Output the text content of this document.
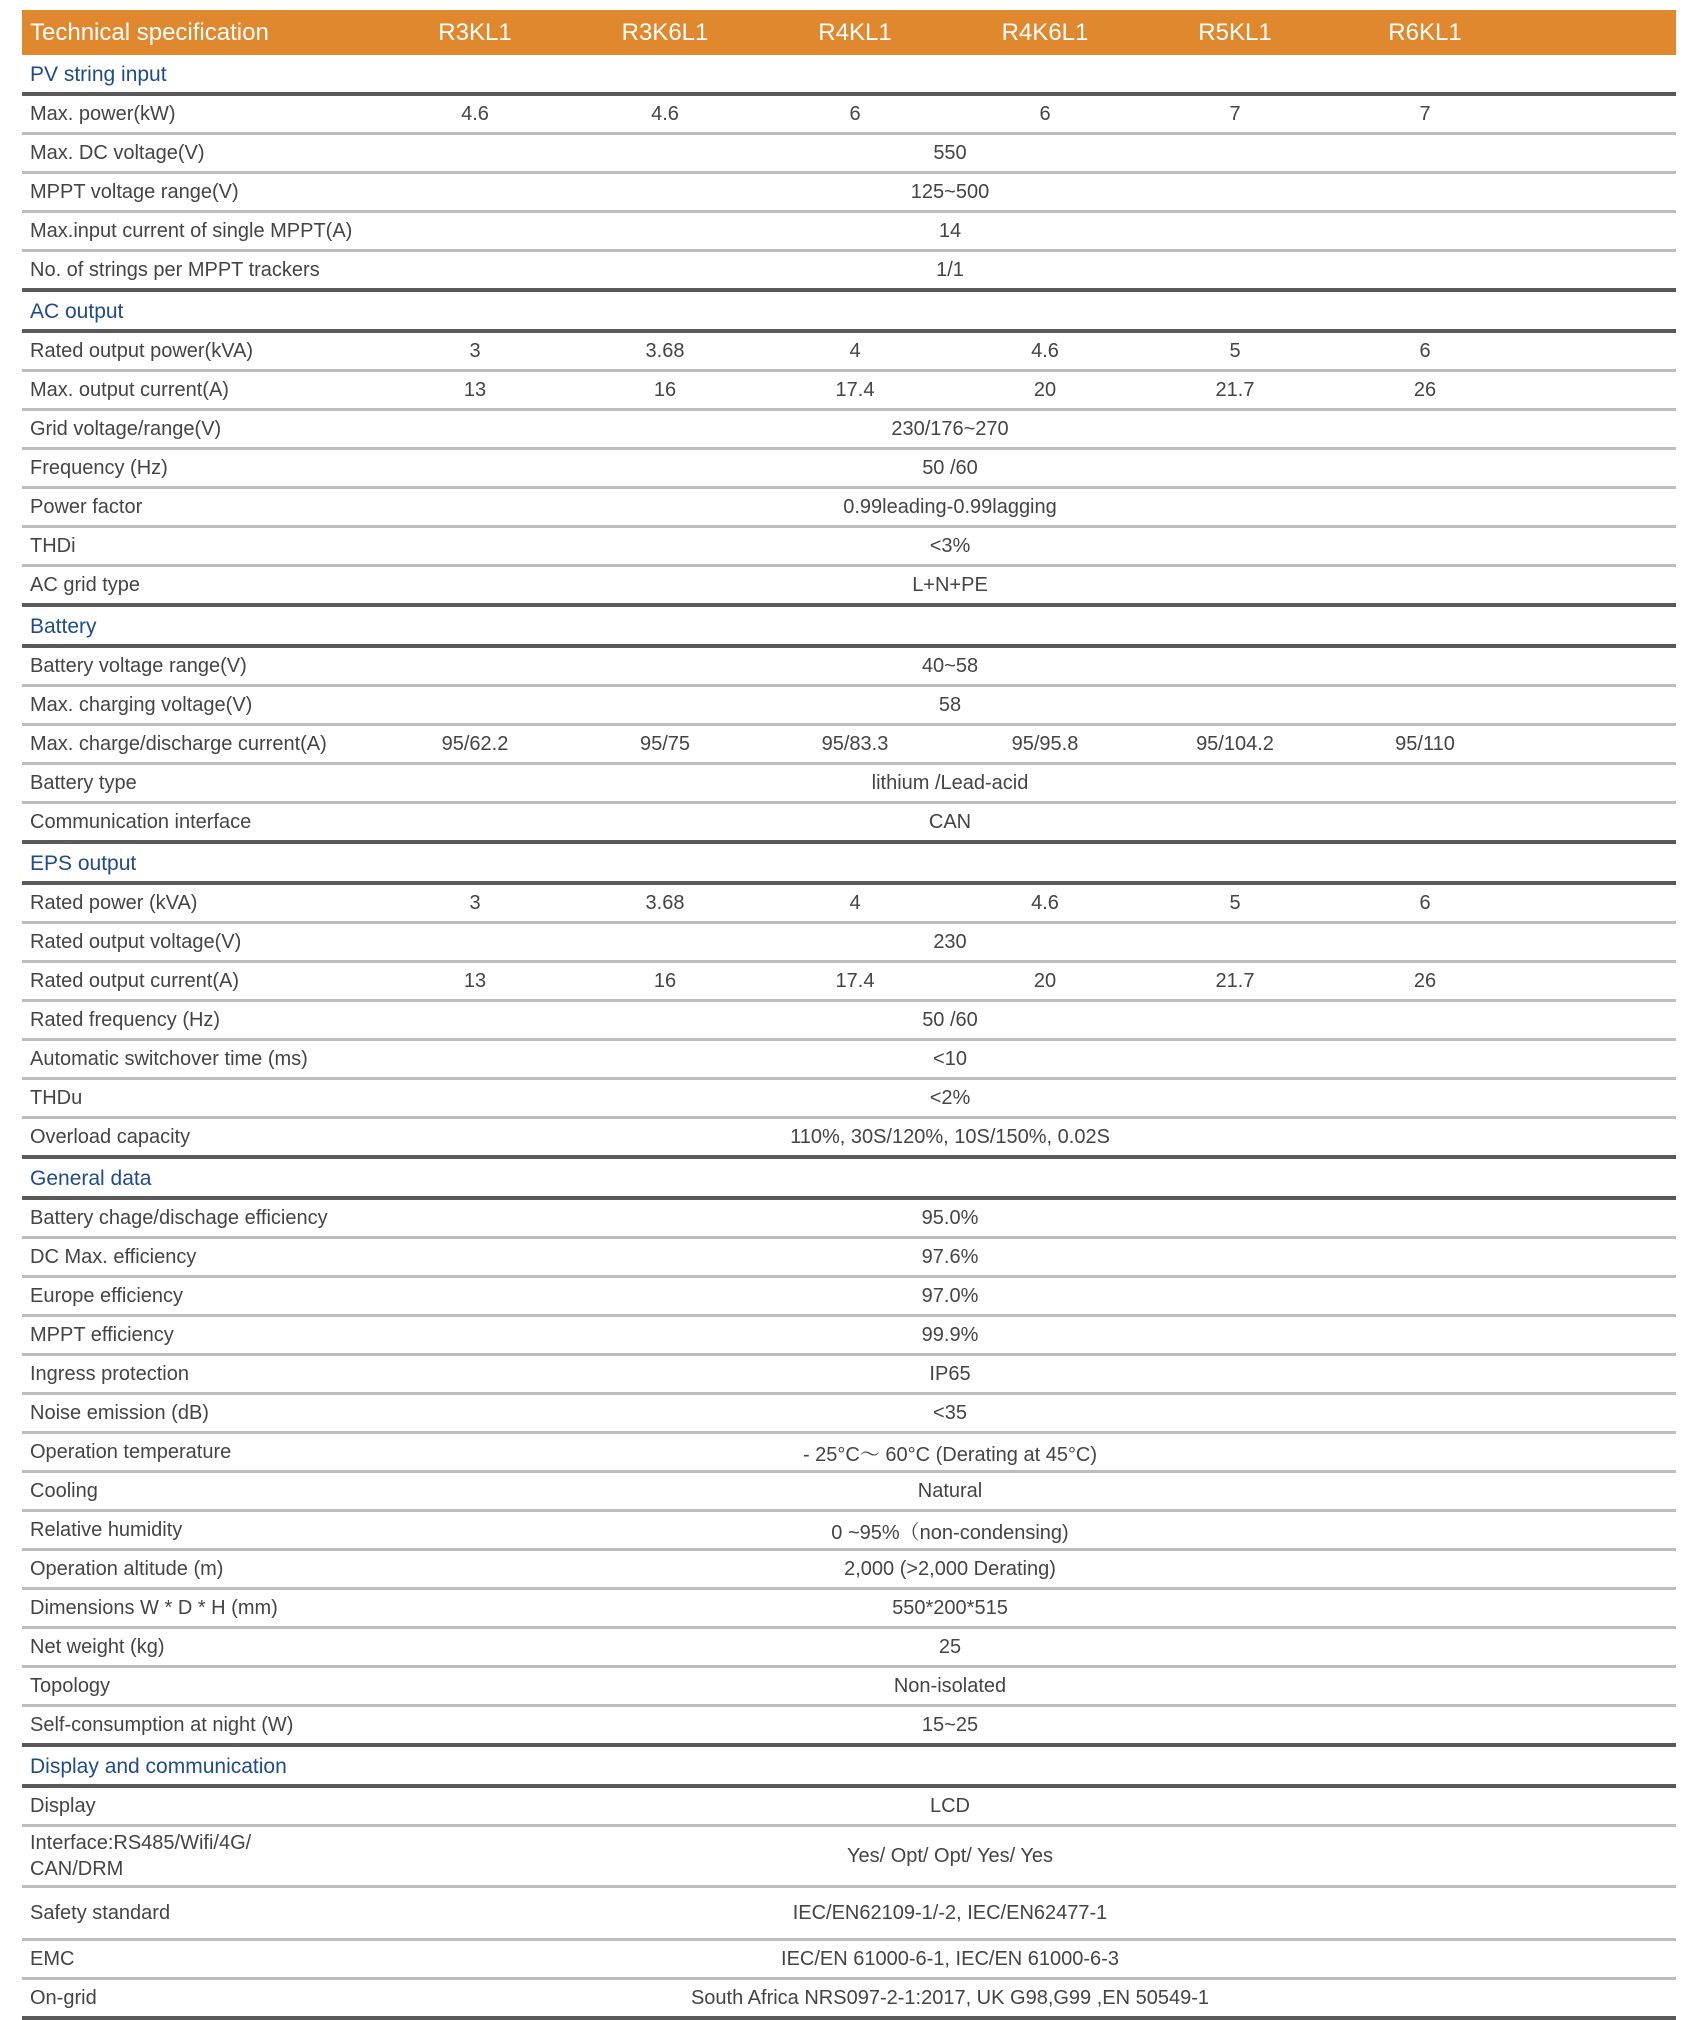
Technical specification	R3KL1	R3K6L1	R4KL1	R4K6L1	R5KL1	R6KL1	
PV string input							
Max. power(kW)	4.6	4.6	6	6	7	7	
Max. DC voltage(V)	550						
MPPT voltage range(V)	125~500						
Max.input current of single MPPT(A)	14						
No. of strings per MPPT trackers	1/1						
AC output							
Rated output power(kVA)	3	3.68	4	4.6	5	6	
Max. output current(A)	13	16	17.4	20	21.7	26	
Grid voltage/range(V)	230/176~270						
Frequency (Hz)	50 /60						
Power factor	0.99leading-0.99lagging						
THDi	<3%						
AC grid type	L+N+PE						
Battery							
Battery voltage range(V)	40~58						
Max. charging voltage(V)	58						
Max. charge/discharge current(A)	95/62.2	95/75	95/83.3	95/95.8	95/104.2	95/110	
Battery type	lithium /Lead-acid						
Communication interface	CAN						
EPS output							
Rated power (kVA)	3	3.68	4	4.6	5	6	
Rated output voltage(V)	230						
Rated output current(A)	13	16	17.4	20	21.7	26	
Rated frequency (Hz)	50 /60						
Automatic switchover time (ms)	<10						
THDu	<2%						
Overload capacity	110%, 30S/120%, 10S/150%, 0.02S						
General data							
Battery chage/dischage efficiency	95.0%						
DC Max. efficiency	97.6%						
Europe efficiency	97.0%						
MPPT efficiency	99.9%						
Ingress protection	IP65						
Noise emission (dB)	<35						
Operation temperature	- 25°C～ 60°C (Derating at 45°C)						
Cooling	Natural						
Relative humidity	0 ~95%（non-condensing)						
Operation altitude (m)	2,000 (>2,000 Derating)						
Dimensions W * D * H (mm)	550*200*515						
Net weight (kg)	25						
Topology	Non-isolated						
Self-consumption at night (W)	15~25						
Display and communication							
Display	LCD						

Interface:RS485/Wifi/4G/
CAN/DRM	Yes/ Opt/ Opt/ Yes/ Yes						
Safety standard	IEC/EN62109-1/-2, IEC/EN62477-1						
EMC	IEC/EN 61000-6-1, IEC/EN 61000-6-3						
On-grid	South Africa NRS097-2-1:2017, UK G98,G99 ,EN 50549-1						
